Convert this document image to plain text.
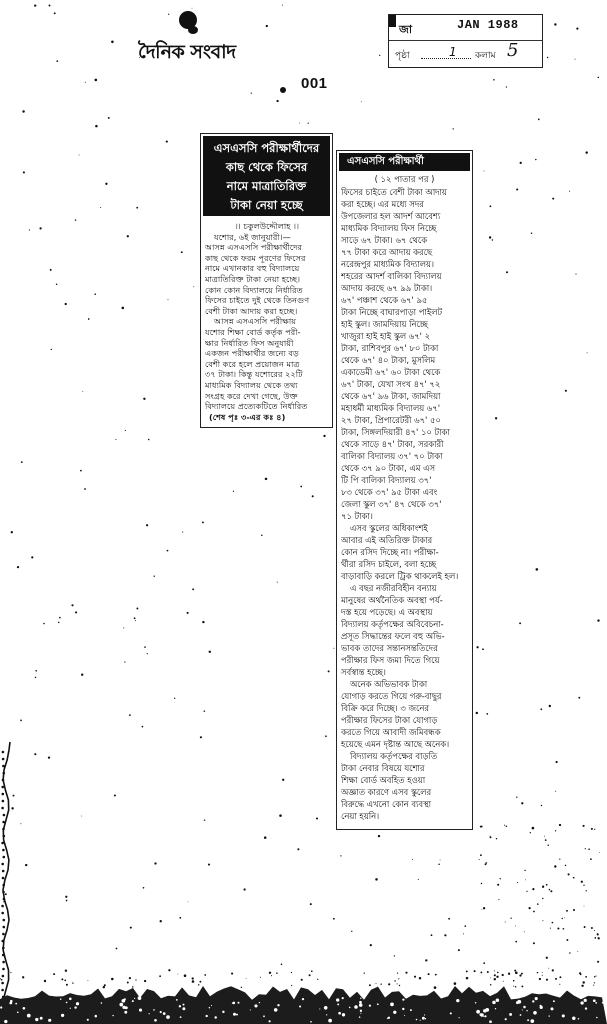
দৈনিক সংবাদ
001
জা	JAN 1988
পৃষ্ঠা	1 কলাম 5
এসএসসি পরীক্ষার্থীদের
কাছ থেকে ফিসের
নামে মাত্রাতিরিক্ত
টাকা নেয়া হচ্ছে
।। চকুলউদ্দৌলাহ ।।
যশোর, ৬ই জানুয়ারী।—
আসন্ন এসএসসি পরীক্ষার্থীদের
কাছ থেকে ফরম পূরণের ফিসের
নামে এখানকার বহু বিদ্যালয়ে
মাত্রাতিরিক্ত টাকা নেয়া হচ্ছে।
কোন কোন বিদ্যালয়ে নির্ধারিত
ফিসের চাইতে দুই থেকে তিনগুণ
বেশী টাকা আদায় করা হচ্ছে।
আসন্ন এসএসসি পরীক্ষায়
যশোর শিক্ষা বোর্ড কর্তৃক পরী-
ক্ষার নির্ধারিত ফিস অনুযায়ী
একজন পরীক্ষার্থীর জন্যে বড়
বেশী করে হলে প্রয়োজন মাত্র
৩৭ টাকা। কিন্তু যশোরের ২২টি
মাধ্যমিক বিদ্যালয় থেকে তথ্য
সংগ্রহ করে দেখা গেছে, উক্ত
বিদ্যালয়ে প্রত্যেকটিতে নির্ধারিত
(শেষ পৃঃ ৩-এর কঃ ৪)
এসএসসি পরীক্ষার্থী
( ১২ পাতার পর )
ফিসের চাইতে বেশী টাকা আদায়
করা হচ্ছে। এর মধ্যে সদর
উপজেলার হল আদর্শ আবেশ্য
মাধ্যমিক বিদ্যালয় ফিস নিচ্ছে
সাড়ে ৬৭ টাকা। ৬৭ থেকে
৭৭ টাকা করে আদায় করছে
নরেন্দ্রপুর মাধ্যমিক বিদ্যালয়।
শহরের আদর্শ বালিকা বিদ্যালয়
আদায় করছে ৬৭ ৯৯ টাকা।
৬৭' পঞ্চাশ থেকে ৬৭' ৯৫
টাকা নিচ্ছে বাঘারপাড়া পাইলট
হাই স্কুল। জামদিয়ায় নিচ্ছে
খাজুরা হাই হাই স্কুল ৬৭' ২
টাকা, রাশিবপুর ৬৭' ৮০ টাকা
থেকে ৬৭' ৪০ টাকা, মুসলিম
একাডেমী ৬৭' ৬০ টাকা থেকে
৬৭' টাকা, যেখা সংখ ৪৭' ৭২
থেকে ৬৭' ৯৬ টাকা, জামদিয়া
মহাধৰ্মী মাধ্যমিক বিদ্যালয় ৬৭'
২৭ টাকা, প্রিপারেটরী ৬৭' ৫০
টাকা, সিঙ্গলদিয়ারী ৪৭' ১০ টাকা
থেকে সাড়ে ৪৭' টাকা, সরকারী
বালিকা বিদ্যালয় ৩৭' ৭০ টাকা
থেকে ৩৭ ৯০ টাকা, এম এস
টি পি বালিকা বিদ্যালয় ৩৭'
৮৩ থেকে ৩৭' ৯৫ টাকা এবং
জেলা স্কুল ৩৭' ৪৭ থেকে ৩৭'
৭১ টাকা।
এসব স্কুলের অধিকাংশই
আবার এই অতিরিক্ত টাকার
কোন রসিদ দিচ্ছে না। পরীক্ষা-
র্থীরা রসিদ চাইলে, বলা হচ্ছে
বাড়াবাড়ি করলে ট্রিক থাকলেই হল।
এ বছর নজীরবিহীন বন্যায়
মানুষের অর্থনৈতিক অবস্থা পর্য-
দস্ত হয়ে পড়েছে। এ অবস্থায়
বিদ্যালয় কর্তৃপক্ষের অবিবেচনা-
প্রসূত সিদ্ধান্তের ফলে বহু অভি-
ভাবক তাদের সন্তানসন্ততিদের
পরীক্ষার ফিস জমা দিতে গিয়ে
সর্বস্বান্ত হচ্ছে।
অনেক অভিভাবক টাকা
যোগাড় করতে গিয়ে গরু-বাছুর
বিক্রি করে দিচ্ছে। ৩ জনের
পরীক্ষার ফিসের টাকা যোগাড়
করতে গিয়ে আবাদী জমিবন্ধক
হয়েছে এমন দৃষ্টান্ত আছে অনেক।
বিদ্যালয় কর্তৃপক্ষের বাড়তি
টাকা নেবার বিষয়ে যশোর
শিক্ষা বোর্ড অবহিত হওয়া
অজ্ঞাত কারণে এসব স্কুলের
বিরুদ্ধে এখনো কোন ব্যবস্থা
নেয়া হয়নি।
